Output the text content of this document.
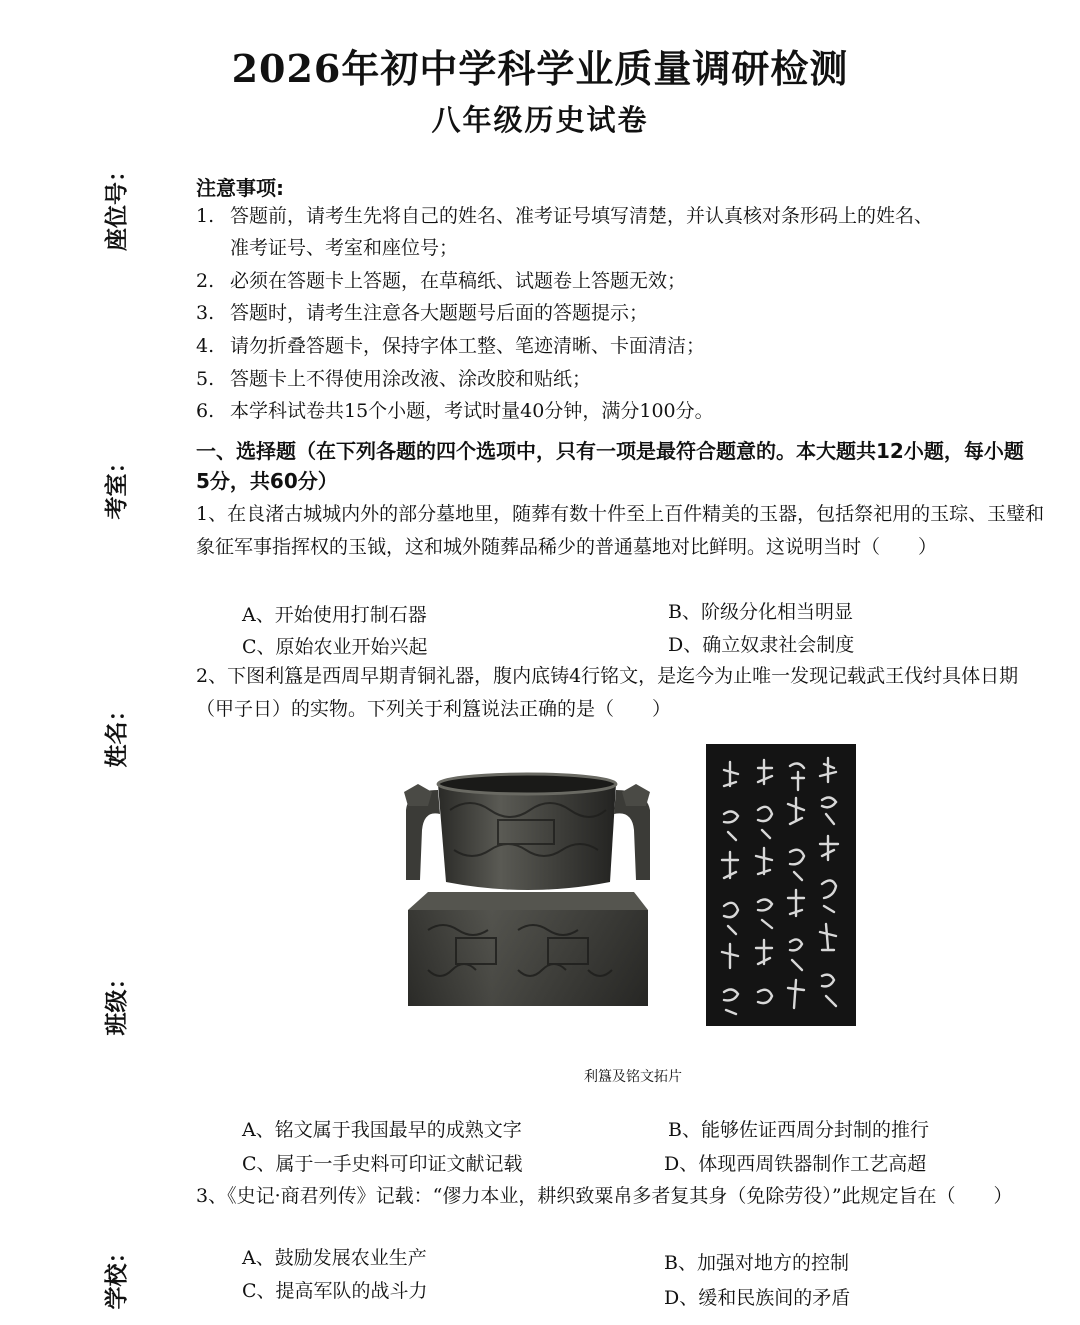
2026年初中学科学业质量调研检测
八年级历史试卷
座位号：
考室：
姓名：
班级：
学校：
注意事项:
1. 答题前，请考生先将自己的姓名、准考证号填写清楚，并认真核对条形码上的姓名、
准考证号、考室和座位号；
2. 必须在答题卡上答题，在草稿纸、试题卷上答题无效；
3. 答题时，请考生注意各大题题号后面的答题提示；
4. 请勿折叠答题卡，保持字体工整、笔迹清晰、卡面清洁；
5. 答题卡上不得使用涂改液、涂改胶和贴纸；
6. 本学科试卷共15个小题，考试时量40分钟，满分100分。
一、选择题（在下列各题的四个选项中，只有一项是最符合题意的。本大题共12小题，每小题5分，共60分）
1、在良渚古城城内外的部分墓地里，随葬有数十件至上百件精美的玉器，包括祭祀用的玉琮、玉璧和象征军事指挥权的玉钺，这和城外随葬品稀少的普通墓地对比鲜明。这说明当时（　　）
A、开始使用打制石器	B、阶级分化相当明显
C、原始农业开始兴起	D、确立奴隶社会制度
2、下图利簋是西周早期青铜礼器，腹内底铸4行铭文，是迄今为止唯一发现记载武王伐纣具体日期（甲子日）的实物。下列关于利簋说法正确的是（　　）
利簋及铭文拓片
A、铭文属于我国最早的成熟文字	B、能够佐证西周分封制的推行
C、属于一手史料可印证文献记载	D、体现西周铁器制作工艺高超
3、《史记·商君列传》记载：“僇力本业，耕织致粟帛多者复其身（免除劳役）”此规定旨在（　　）
A、鼓励发展农业生产	B、加强对地方的控制
C、提高军队的战斗力	D、缓和民族间的矛盾
